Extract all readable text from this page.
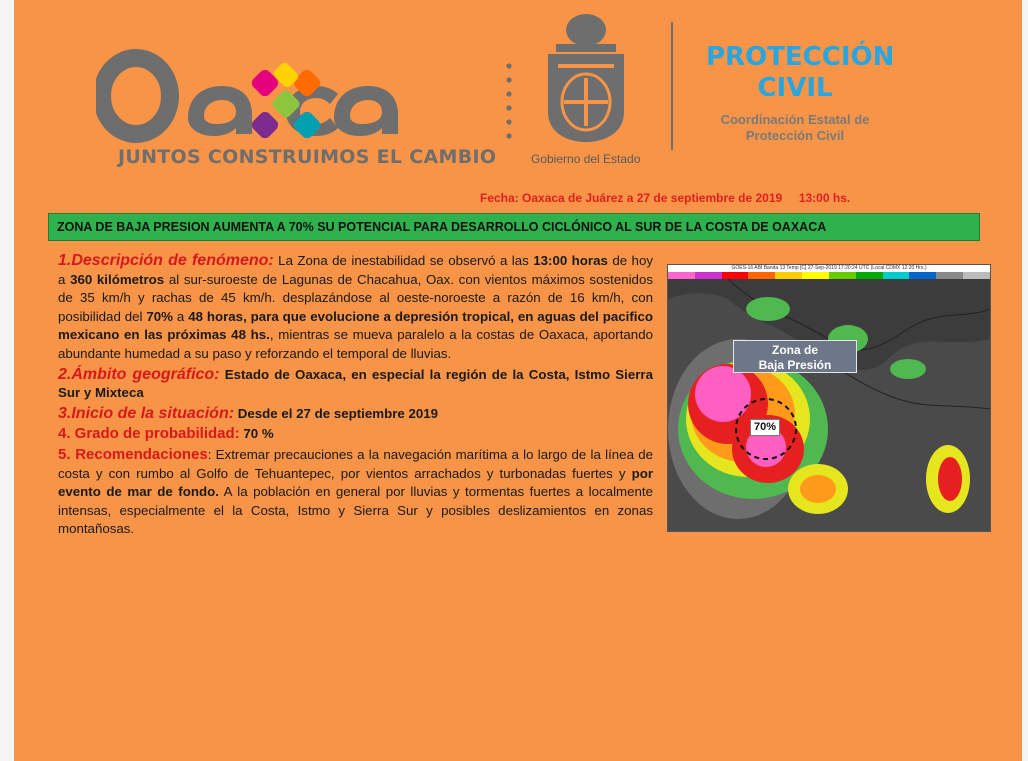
Oaxaca
JUNTOS CONSTRUIMOS EL CAMBIO	Gobierno del Estado
PROTECCIÓN
CIVIL
Coordinación Estatal de
Protección Civil
Fecha: Oaxaca de Juárez a 27 de septiembre de 2019     13:00 hs.
ZONA DE BAJA PRESION AUMENTA A 70% SU POTENCIAL PARA DESARROLLO CICLÓNICO AL SUR DE LA COSTA DE OAXACA

1.Descripción de fenómeno: La Zona de inestabilidad se observó a las 13:00 horas de hoy a 360 kilómetros al sur-suroeste de Lagunas de Chacahua, Oax. con vientos máximos sostenidos de 35 km/h y rachas de 45 km/h. desplazándose al oeste-noroeste a razón de 16 km/h, con posibilidad del 70% a 48 horas, para que evolucione a depresión tropical, en aguas del pacifico mexicano en las próximas 48 hs., mientras se mueva paralelo a la costas de Oaxaca, aportando abundante humedad a su paso y reforzando el temporal de lluvias.

2.Ámbito geográfico: Estado de Oaxaca, en especial la región de la Costa, Istmo Sierra Sur y Mixteca

3.Inicio de la situación: Desde el 27 de septiembre 2019

4. Grado de probabilidad: 70 %

5. Recomendaciones: Extremar precauciones a la navegación marítima a lo largo de la línea de costa y con rumbo al Golfo de Tehuantepec, por vientos arrachados y turbonadas fuertes y por evento de mar de fondo. A la población en general por lluvias y tormentas fuertes a localmente intensas, especialmente el la Costa, Istmo y Sierra Sur y posibles deslizamientos en zonas montañosas.

GOES-16 ABI Banda 13 Temp [C] 27-Sep-2019 17:20:24 UTC (Local CDMX 12:20 Hrs.)
Zona de
Baja Presión
70%
